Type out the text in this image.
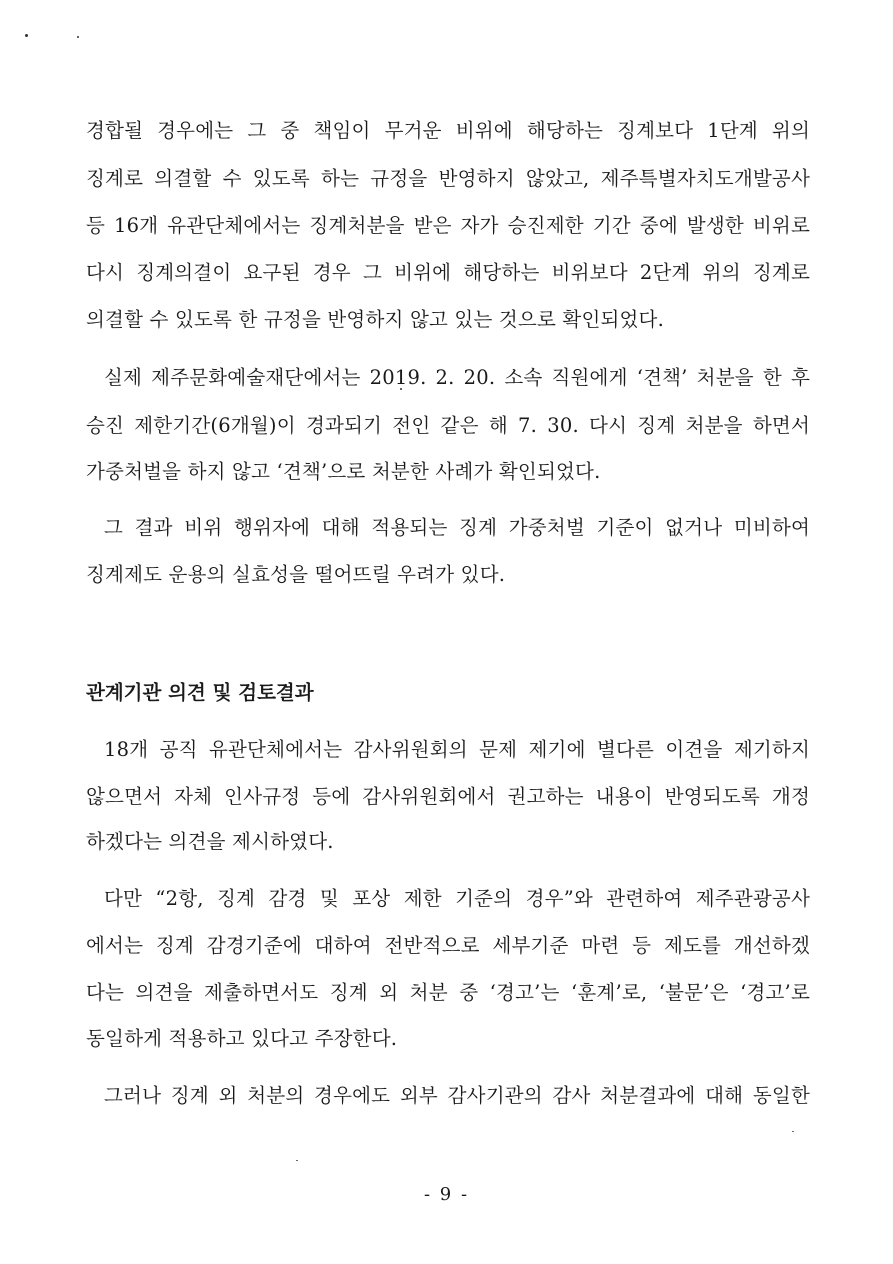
경합될 경우에는 그 중 책임이 무거운 비위에 해당하는 징계보다 1단계 위의
징계로 의결할 수 있도록 하는 규정을 반영하지 않았고, 제주특별자치도개발공사
등 16개 유관단체에서는 징계처분을 받은 자가 승진제한 기간 중에 발생한 비위로
다시 징계의결이 요구된 경우 그 비위에 해당하는 비위보다 2단계 위의 징계로
의결할 수 있도록 한 규정을 반영하지 않고 있는 것으로 확인되었다.
실제 제주문화예술재단에서는 2019. 2. 20. 소속 직원에게 ‘견책’ 처분을 한 후
승진 제한기간(6개월)이 경과되기 전인 같은 해 7. 30. 다시 징계 처분을 하면서
가중처벌을 하지 않고 ‘견책’으로 처분한 사례가 확인되었다.
그 결과 비위 행위자에 대해 적용되는 징계 가중처벌 기준이 없거나 미비하여
징계제도 운용의 실효성을 떨어뜨릴 우려가 있다.
관계기관 의견 및 검토결과
18개 공직 유관단체에서는 감사위원회의 문제 제기에 별다른 이견을 제기하지
않으면서 자체 인사규정 등에 감사위원회에서 권고하는 내용이 반영되도록 개정
하겠다는 의견을 제시하였다.
다만 “2항, 징계 감경 및 포상 제한 기준의 경우”와 관련하여 제주관광공사
에서는 징계 감경기준에 대하여 전반적으로 세부기준 마련 등 제도를 개선하겠
다는 의견을 제출하면서도 징계 외 처분 중 ‘경고’는 ‘훈계’로, ‘불문’은 ‘경고’로
동일하게 적용하고 있다고 주장한다.
그러나 징계 외 처분의 경우에도 외부 감사기관의 감사 처분결과에 대해 동일한
- 9 -
